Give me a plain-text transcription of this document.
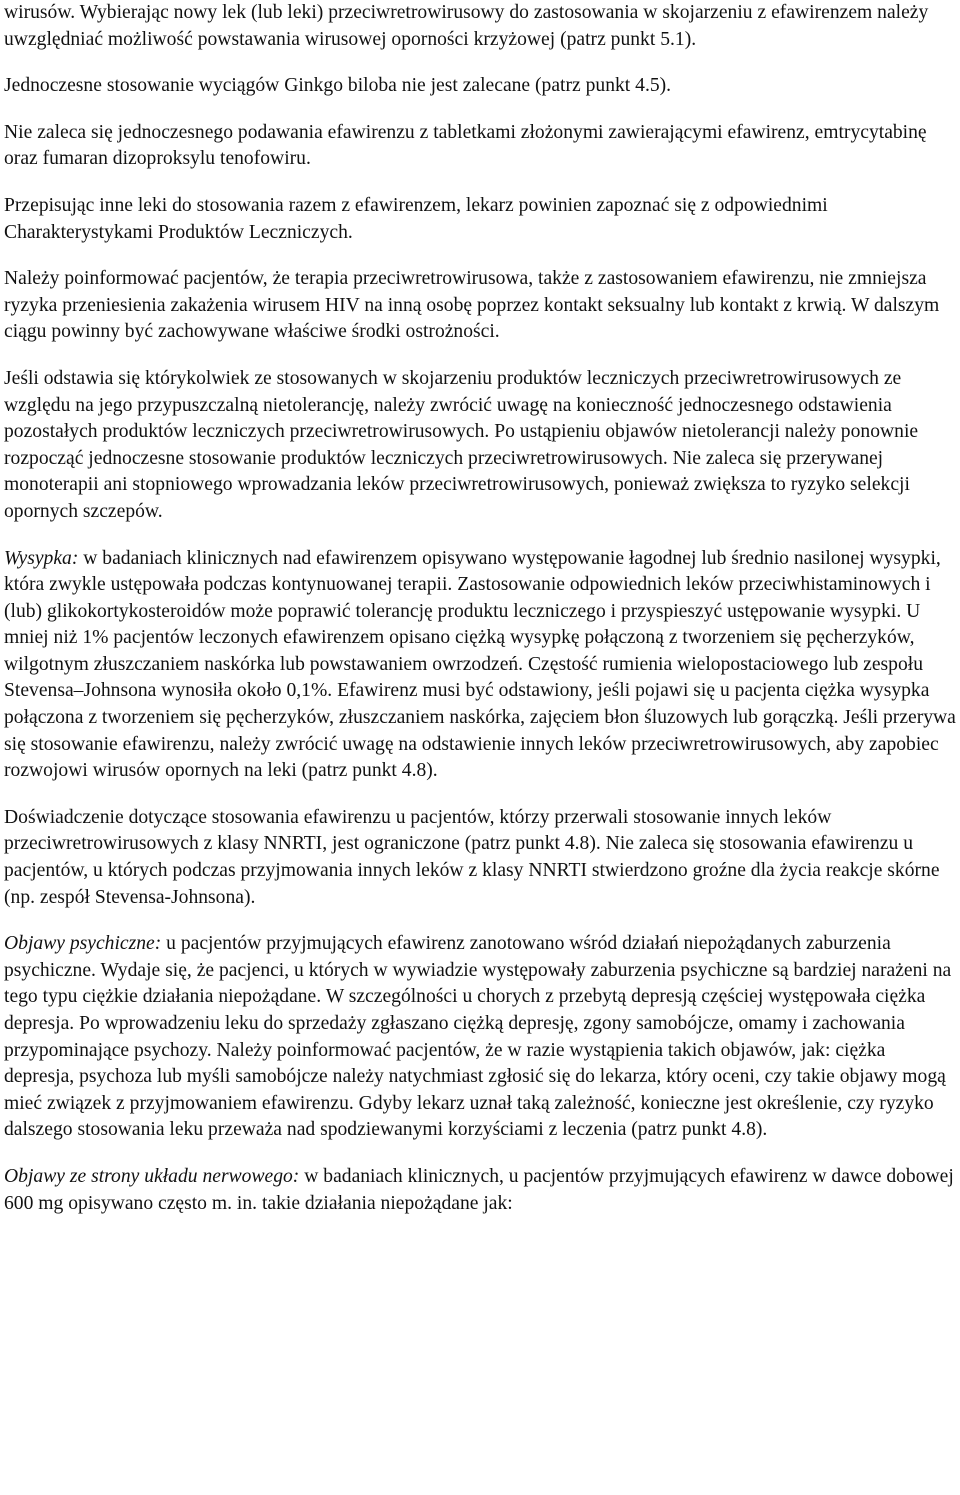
wirusów. Wybierając nowy lek (lub leki) przeciwretrowirusowy do zastosowania w skojarzeniu z efawirenzem należy uwzględniać możliwość powstawania wirusowej oporności krzyżowej (patrz punkt 5.1).

Jednoczesne stosowanie wyciągów Ginkgo biloba nie jest zalecane (patrz punkt 4.5).

Nie zaleca się jednoczesnego podawania efawirenzu z tabletkami złożonymi zawierającymi efawirenz, emtrycytabinę oraz fumaran dizoproksylu tenofowiru.

Przepisując inne leki do stosowania razem z efawirenzem, lekarz powinien zapoznać się z odpowiednimi Charakterystykami Produktów Leczniczych.

Należy poinformować pacjentów, że terapia przeciwretrowirusowa, także z zastosowaniem efawirenzu, nie zmniejsza ryzyka przeniesienia zakażenia wirusem HIV na inną osobę poprzez kontakt seksualny lub kontakt z krwią. W dalszym ciągu powinny być zachowywane właściwe środki ostrożności.

Jeśli odstawia się którykolwiek ze stosowanych w skojarzeniu produktów leczniczych przeciwretrowirusowych ze względu na jego przypuszczalną nietolerancję, należy zwrócić uwagę na konieczność jednoczesnego odstawienia pozostałych produktów leczniczych przeciwretrowirusowych. Po ustąpieniu objawów nietolerancji należy ponownie rozpocząć jednoczesne stosowanie produktów leczniczych przeciwretrowirusowych. Nie zaleca się przerywanej monoterapii ani stopniowego wprowadzania leków przeciwretrowirusowych, ponieważ zwiększa to ryzyko selekcji opornych szczepów.

Wysypka: w badaniach klinicznych nad efawirenzem opisywano występowanie łagodnej lub średnio nasilonej wysypki, która zwykle ustępowała podczas kontynuowanej terapii. Zastosowanie odpowiednich leków przeciwhistaminowych i (lub) glikokortykosteroidów może poprawić tolerancję produktu leczniczego i przyspieszyć ustępowanie wysypki. U mniej niż 1% pacjentów leczonych efawirenzem opisano ciężką wysypkę połączoną z tworzeniem się pęcherzyków, wilgotnym złuszczaniem naskórka lub powstawaniem owrzodzeń. Częstość rumienia wielopostaciowego lub zespołu Stevensa–Johnsona wynosiła około 0,1%. Efawirenz musi być odstawiony, jeśli pojawi się u pacjenta ciężka wysypka połączona z tworzeniem się pęcherzyków, złuszczaniem naskórka, zajęciem błon śluzowych lub gorączką. Jeśli przerywa się stosowanie efawirenzu, należy zwrócić uwagę na odstawienie innych leków przeciwretrowirusowych, aby zapobiec rozwojowi wirusów opornych na leki (patrz punkt 4.8).

Doświadczenie dotyczące stosowania efawirenzu u pacjentów, którzy przerwali stosowanie innych leków przeciwretrowirusowych z klasy NNRTI, jest ograniczone (patrz punkt 4.8). Nie zaleca się stosowania efawirenzu u pacjentów, u których podczas przyjmowania innych leków z klasy NNRTI stwierdzono groźne dla życia reakcje skórne (np. zespół Stevensa-Johnsona).

Objawy psychiczne: u pacjentów przyjmujących efawirenz zanotowano wśród działań niepożądanych zaburzenia psychiczne. Wydaje się, że pacjenci, u których w wywiadzie występowały zaburzenia psychiczne są bardziej narażeni na tego typu ciężkie działania niepożądane. W szczególności u chorych z przebytą depresją częściej występowała ciężka depresja. Po wprowadzeniu leku do sprzedaży zgłaszano ciężką depresję, zgony samobójcze, omamy i zachowania przypominające psychozy. Należy poinformować pacjentów, że w razie wystąpienia takich objawów, jak: ciężka depresja, psychoza lub myśli samobójcze należy natychmiast zgłosić się do lekarza, który oceni, czy takie objawy mogą mieć związek z przyjmowaniem efawirenzu. Gdyby lekarz uznał taką zależność, konieczne jest określenie, czy ryzyko dalszego stosowania leku przeważa nad spodziewanymi korzyściami z leczenia (patrz punkt 4.8).

Objawy ze strony układu nerwowego: w badaniach klinicznych, u pacjentów przyjmujących efawirenz w dawce dobowej 600 mg opisywano często m. in. takie działania niepożądane jak:
